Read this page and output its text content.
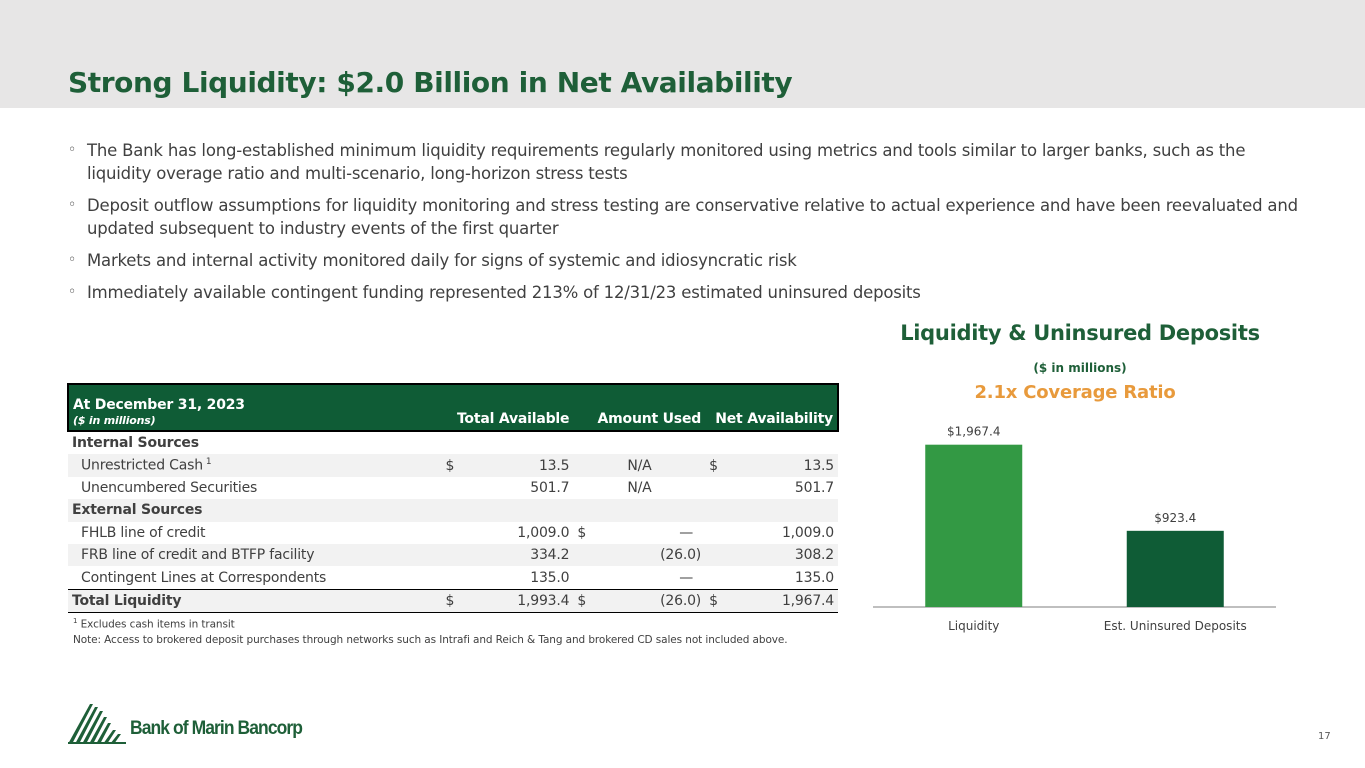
Strong Liquidity: $2.0 Billion in Net Availability
◦ The Bank has long-established minimum liquidity requirements regularly monitored using metrics and tools similar to larger banks, such as the liquidity overage ratio and multi-scenario, long-horizon stress tests
◦ Deposit outflow assumptions for liquidity monitoring and stress testing are conservative relative to actual experience and have been reevaluated and updated subsequent to industry events of the first quarter
◦ Markets and internal activity monitored daily for signs of systemic and idiosyncratic risk
◦ Immediately available contingent funding represented 213% of 12/31/23 estimated uninsured deposits
At December 31, 2023
($ in millions)	Total Available		Amount Used		Net Availability	
Internal Sources						
Unrestricted Cash $^1$	$	13.5		N/A	$	13.5
Unencumbered Securities		501.7		N/A		501.7
External Sources						
FHLB line of credit		1,009.0	$	—		1,009.0
FRB line of credit and BTFP facility		334.2		(26.0)		308.2
Contingent Lines at Correspondents		135.0		—		135.0
Total Liquidity	$	1,993.4	$	(26.0)	$	1,967.4
$^1$ Excludes cash items in transit
Note: Access to brokered deposit purchases through networks such as Intrafi and Reich & Tang and brokered CD sales not included above.
Liquidity & Uninsured Deposits
($ in millions)
2.1x Coverage Ratio
$1,967.4
Liquidity
$923.4
Est. Uninsured Deposits
Bank of Marin Bancorp	17
